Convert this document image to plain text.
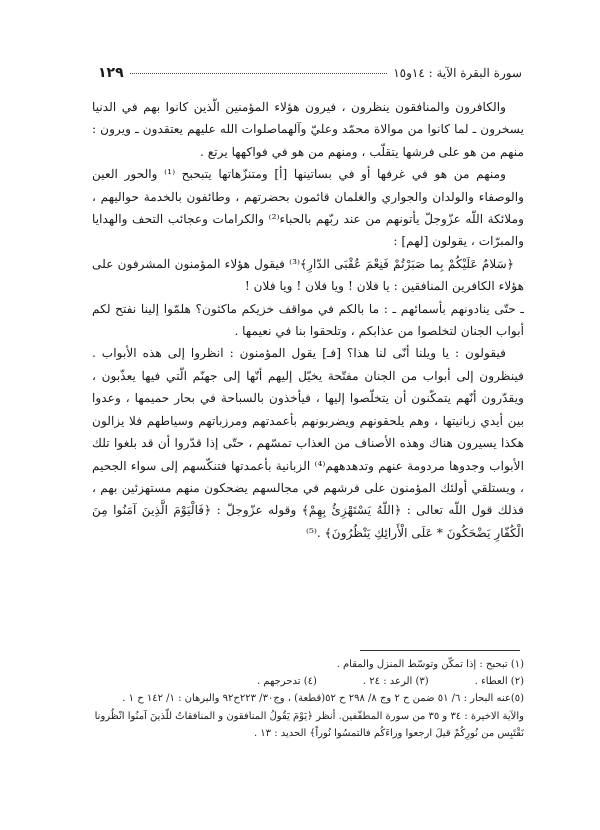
سورة البقرة الآية : ١٤و١٥
١٢٩

والكافرون والمنافقون ينظرون ، فيرون هؤلاء المؤمنين الّذين كانوا بهم في الدنيا يسخرون ـ لما كانوا من موالاة محمّد وعليّ وآلهماصلوات الله عليهم يعتقدون ـ ويرون : منهم من هو على فرشها يتقلّب ، ومنهم من هو في فواكهها يرتع .

ومنهم من هو في غرفها أو في بساتينها [أ] ومتنزّهاتها يتبحبح ⁽¹⁾ والحور العين والوصفاء والولدان والجواري والغلمان قائمون بحضرتهم ، وطائفون بالخدمة حواليهم ، وملائكة اللّه عزّوجلّ يأتونهم من عند ربّهم بالحباء⁽²⁾ والكرامات وعجائب التحف والهدايا والمبرّات ، يقولون [لهم] :

﴿سَلامٌ عَلَيْكُمْ بِما صَبَرْتُمْ فَنِعْمَ عُقْبَى الدّارِ﴾⁽³⁾ فيقول هؤلاء المؤمنون المشرفون على هؤلاء الكافرين المنافقين : يا فلان ! ويا فلان ! ويا فلان !

ـ حتّى ينادونهم بأسمائهم ـ : ما بالكم في مواقف خزيكم ماكثون؟ هلمّوا إلينا نفتح لكم أبواب الجنان لتخلصوا من عذابكم ، وتلحقوا بنا في نعيمها .

فيقولون : يا ويلنا أنّى لنا هذا؟ [فـ] يقول المؤمنون : انظروا إلى هذه الأبواب . فينظرون إلى أبواب من الجنان مفتّحة يخيّل إليهم أنّها إلى جهنّم الّتي فيها يعذّبون ، ويقدّرون أنّهم يتمكّنون أن يتخلّصوا إليها ، فيأخذون بالسباحة في بحار حميمها ، وعدوا بين أيدي زبانيتها ، وهم يلحقونهم ويضربونهم بأعمدتهم ومرزباتهم وسياطهم فلا يزالون هكذا يسيرون هناك وهذه الأصناف من العذاب تمسّهم ، حتّى إذا قدّروا أن قد بلغوا تلك الأبواب وجدوها مردومة عنهم وتدهدههم⁽⁴⁾ الزبانية بأعمدتها فتنكّسهم إلى سواء الجحيم ، ويستلقي أولئك المؤمنون على فرشهم في مجالسهم يضحكون منهم مستهزئين بهم ، فذلك قول اللّه تعالى : ﴿اللّهُ يَسْتَهْزِئُ بِهِمْ﴾ وقوله عزّوجلّ : ﴿فَالْيَوْمَ الَّذِينَ آمَنُوا مِنَ الْكُفّارِ يَضْحَكُونَ * عَلَى الْأَرائِكِ يَنْظُرُونَ﴾ .⁽⁵⁾

(١) تبحبح : إذا تمكّن وتوسّط المنزل والمقام .

(٢) العطاء .
(٣) الرعد : ٢٤ .
(٤) تدحرجهم .

(٥)عنه البحار : ٦/ ٥١ ضمن ح ٢ وج ٨/ ٢٩٨ ح ٥٢(قطعة) ، وج٣٠/ ٢٢٣ح٩٢ والبرهان : ١/ ١٤٢ ح ١ .

والآية الاخيرة : ٣٤ و ٣٥ من سورة المطفّفين. أنظر ﴿يَوْمَ يَقُولُ المنافقون و المنافقاتُ للّذينَ آمنُوا انْظُرونا نَقْتَبِس من نُورِكُمْ قيلَ ارجعوا وراءَكُم فالتمسُوا نُوراً﴾ الحديد : ١٣ .
